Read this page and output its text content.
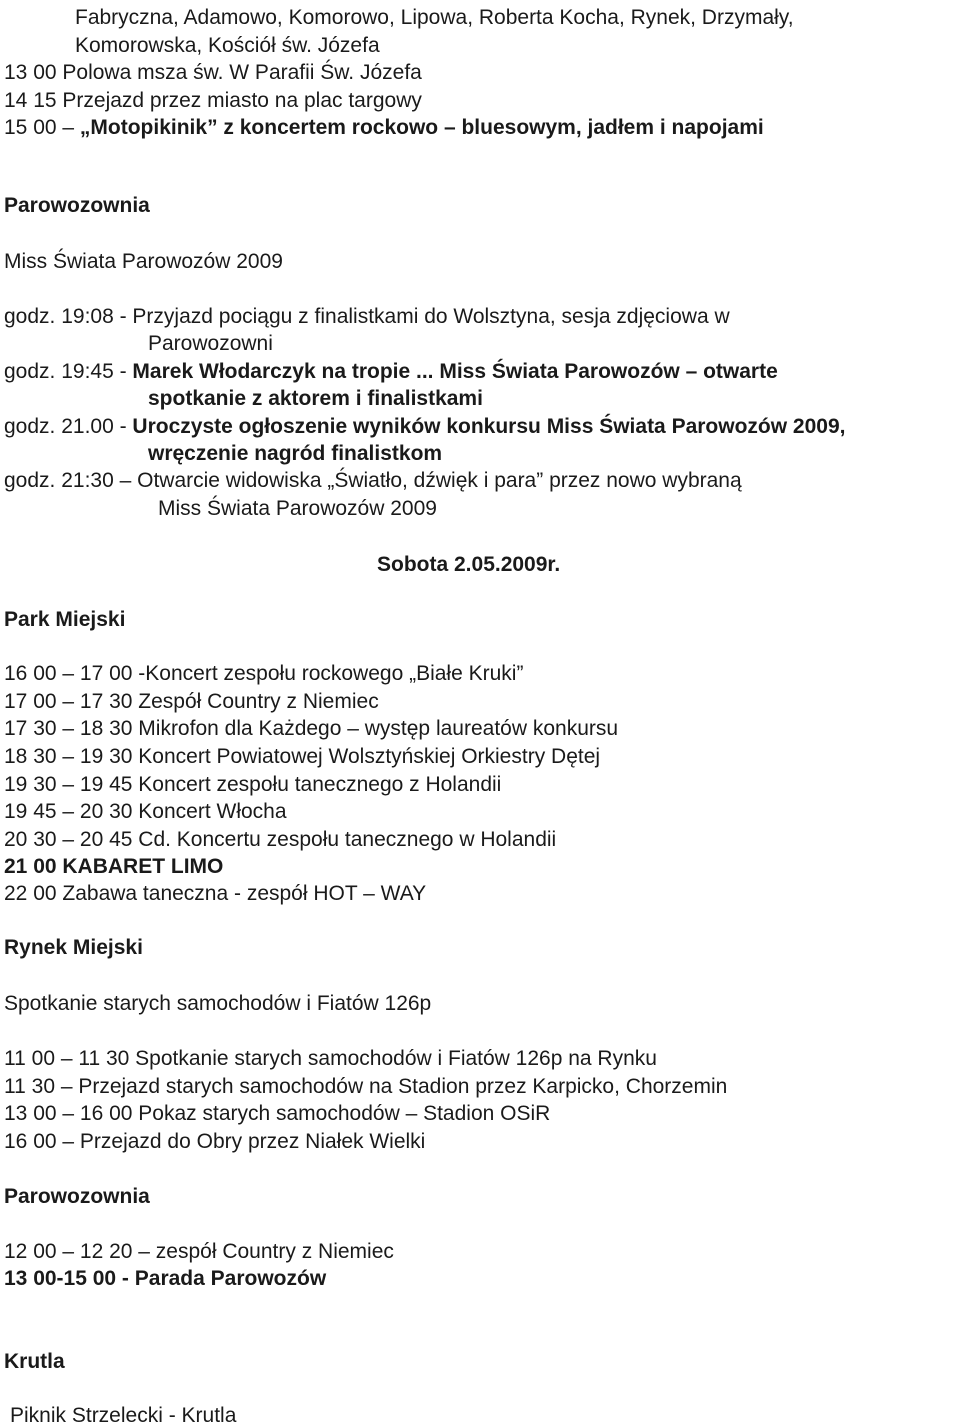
Fabryczna, Adamowo, Komorowo, Lipowa, Roberta Kocha, Rynek, Drzymały,
Komorowska, Kościół św. Józefa
13 00 Polowa msza św. W Parafii Św. Józefa
14 15 Przejazd przez miasto na plac targowy
15 00 – „Motopikinik” z koncertem rockowo – bluesowym, jadłem i napojami
Parowozownia
Miss Świata Parowozów 2009
godz. 19:08 - Przyjazd pociągu z finalistkami do Wolsztyna, sesja zdjęciowa w
Parowozowni
godz. 19:45 - Marek Włodarczyk na tropie ... Miss Świata Parowozów – otwarte
spotkanie z aktorem i finalistkami
godz. 21.00 - Uroczyste ogłoszenie wyników konkursu Miss Świata Parowozów 2009,
wręczenie nagród finalistkom
godz. 21:30 – Otwarcie widowiska „Światło, dźwięk i para” przez nowo wybraną
Miss Świata Parowozów 2009
Sobota 2.05.2009r.
Park Miejski
16 00 – 17 00 -Koncert zespołu rockowego „Białe Kruki”
17 00 – 17 30 Zespół Country z Niemiec
17 30 – 18 30 Mikrofon dla Każdego – występ laureatów konkursu
18 30 – 19 30 Koncert Powiatowej Wolsztyńskiej Orkiestry Dętej
19 30 – 19 45 Koncert zespołu tanecznego z Holandii
19 45 – 20 30 Koncert Włocha
20 30 – 20 45 Cd. Koncertu zespołu tanecznego w Holandii
21 00 KABARET LIMO
22 00 Zabawa taneczna - zespół HOT – WAY
Rynek Miejski
Spotkanie starych samochodów i Fiatów 126p
11 00 – 11 30 Spotkanie starych samochodów i Fiatów 126p na Rynku
11 30 – Przejazd starych samochodów na Stadion przez Karpicko, Chorzemin
13 00 – 16 00 Pokaz starych samochodów – Stadion OSiR
16 00 – Przejazd do Obry przez Niałek Wielki
Parowozownia
12 00 – 12 20 – zespół Country z Niemiec
13 00-15 00 - Parada Parowozów
Krutla
Piknik Strzelecki - Krutla
